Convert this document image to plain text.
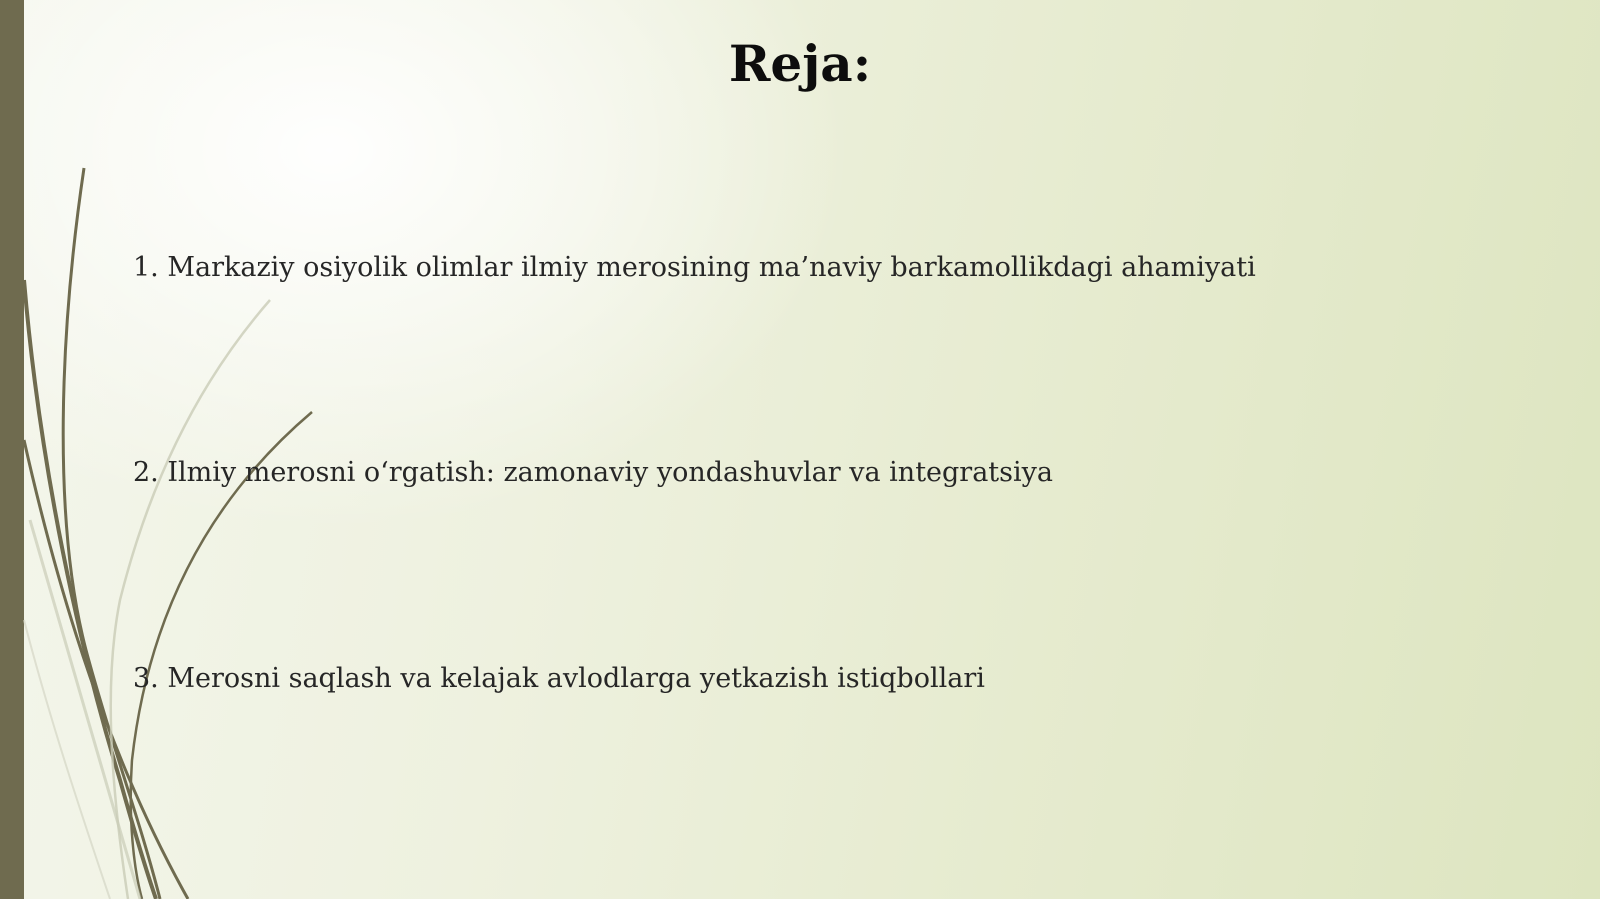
Reja:
1. Markaziy osiyolik olimlar ilmiy merosining ma’naviy barkamollikdagi ahamiyati
2. Ilmiy merosni o‘rgatish: zamonaviy yondashuvlar va integratsiya
3. Merosni saqlash va kelajak avlodlarga yetkazish istiqbollari
